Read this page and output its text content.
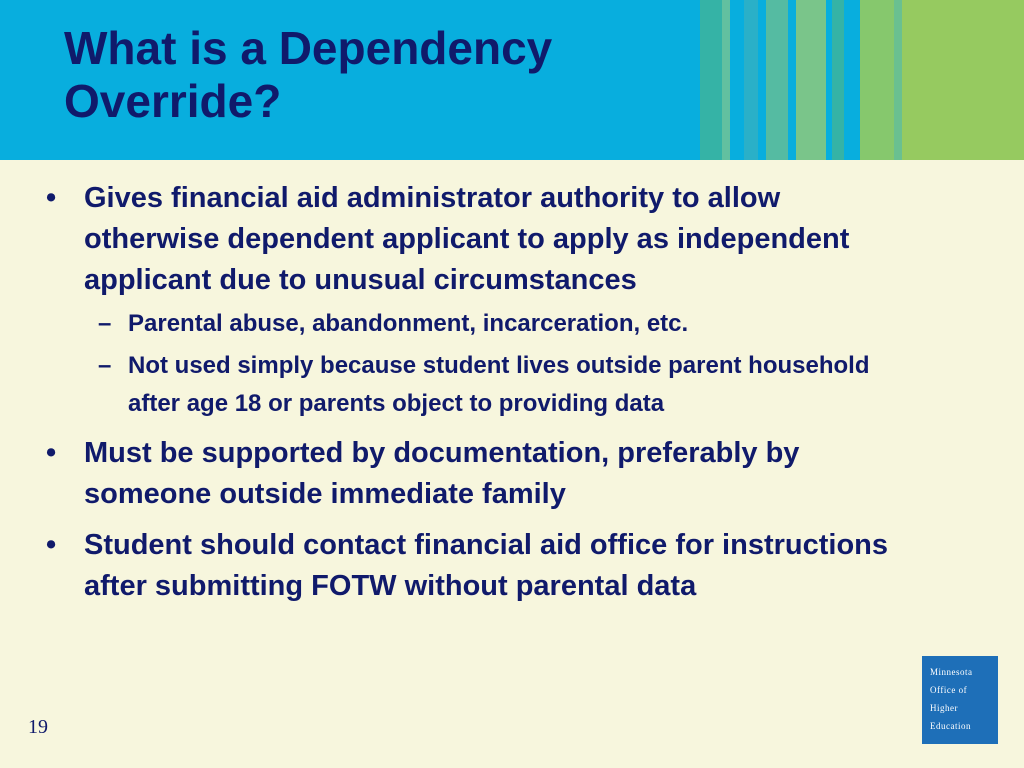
What is a Dependency Override?
• Gives financial aid administrator authority to allow otherwise dependent applicant to apply as independent applicant due to unusual circumstances
– Parental abuse, abandonment, incarceration, etc.
– Not used simply because student lives outside parent household after age 18 or parents object to providing data
• Must be supported by documentation, preferably by someone outside immediate family
• Student should contact financial aid office for instructions after submitting FOTW without parental data
19
Minnesota
Office of
Higher
Education
